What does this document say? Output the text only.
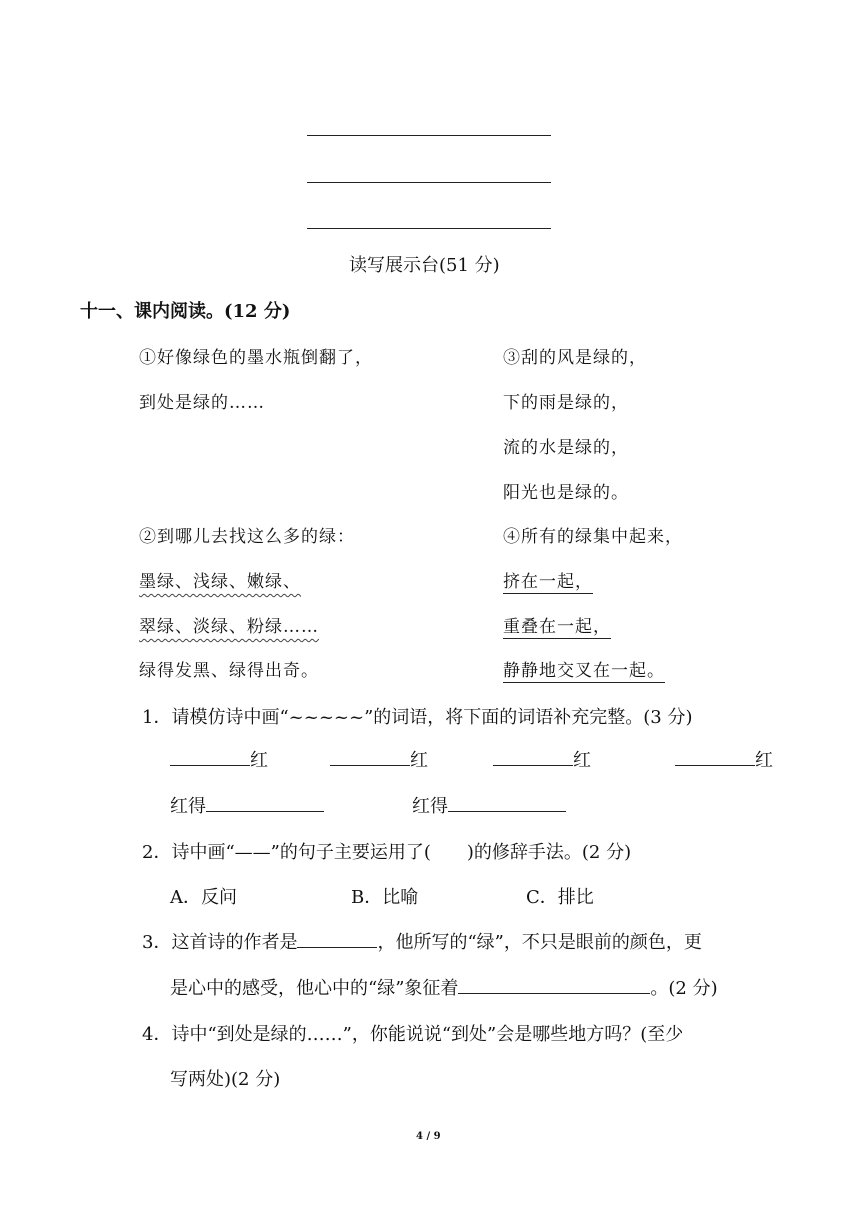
读写展示台(51 分)
十一、课内阅读。(12 分)
①好像绿色的墨水瓶倒翻了，
到处是绿的……
③刮的风是绿的，
下的雨是绿的，
流的水是绿的，
阳光也是绿的。
②到哪儿去找这么多的绿：
墨绿、浅绿、嫩绿、
翠绿、淡绿、粉绿……
绿得发黑、绿得出奇。
④所有的绿集中起来，
挤在一起，
重叠在一起，
静静地交叉在一起。
1．请模仿诗中画“~~~~~”的词语，将下面的词语补充完整。(3 分)
红	红	红	红
红得	红得
2．诗中画“——”的句子主要运用了( )的修辞手法。(2 分)
A．反问	B．比喻	C．排比
3．这首诗的作者是	，他所写的“绿”，不只是眼前的颜色，更
是心中的感受，他心中的“绿”象征着	。(2 分)
4．诗中“到处是绿的……”，你能说说“到处”会是哪些地方吗？(至少
写两处)(2 分)
4 / 9
